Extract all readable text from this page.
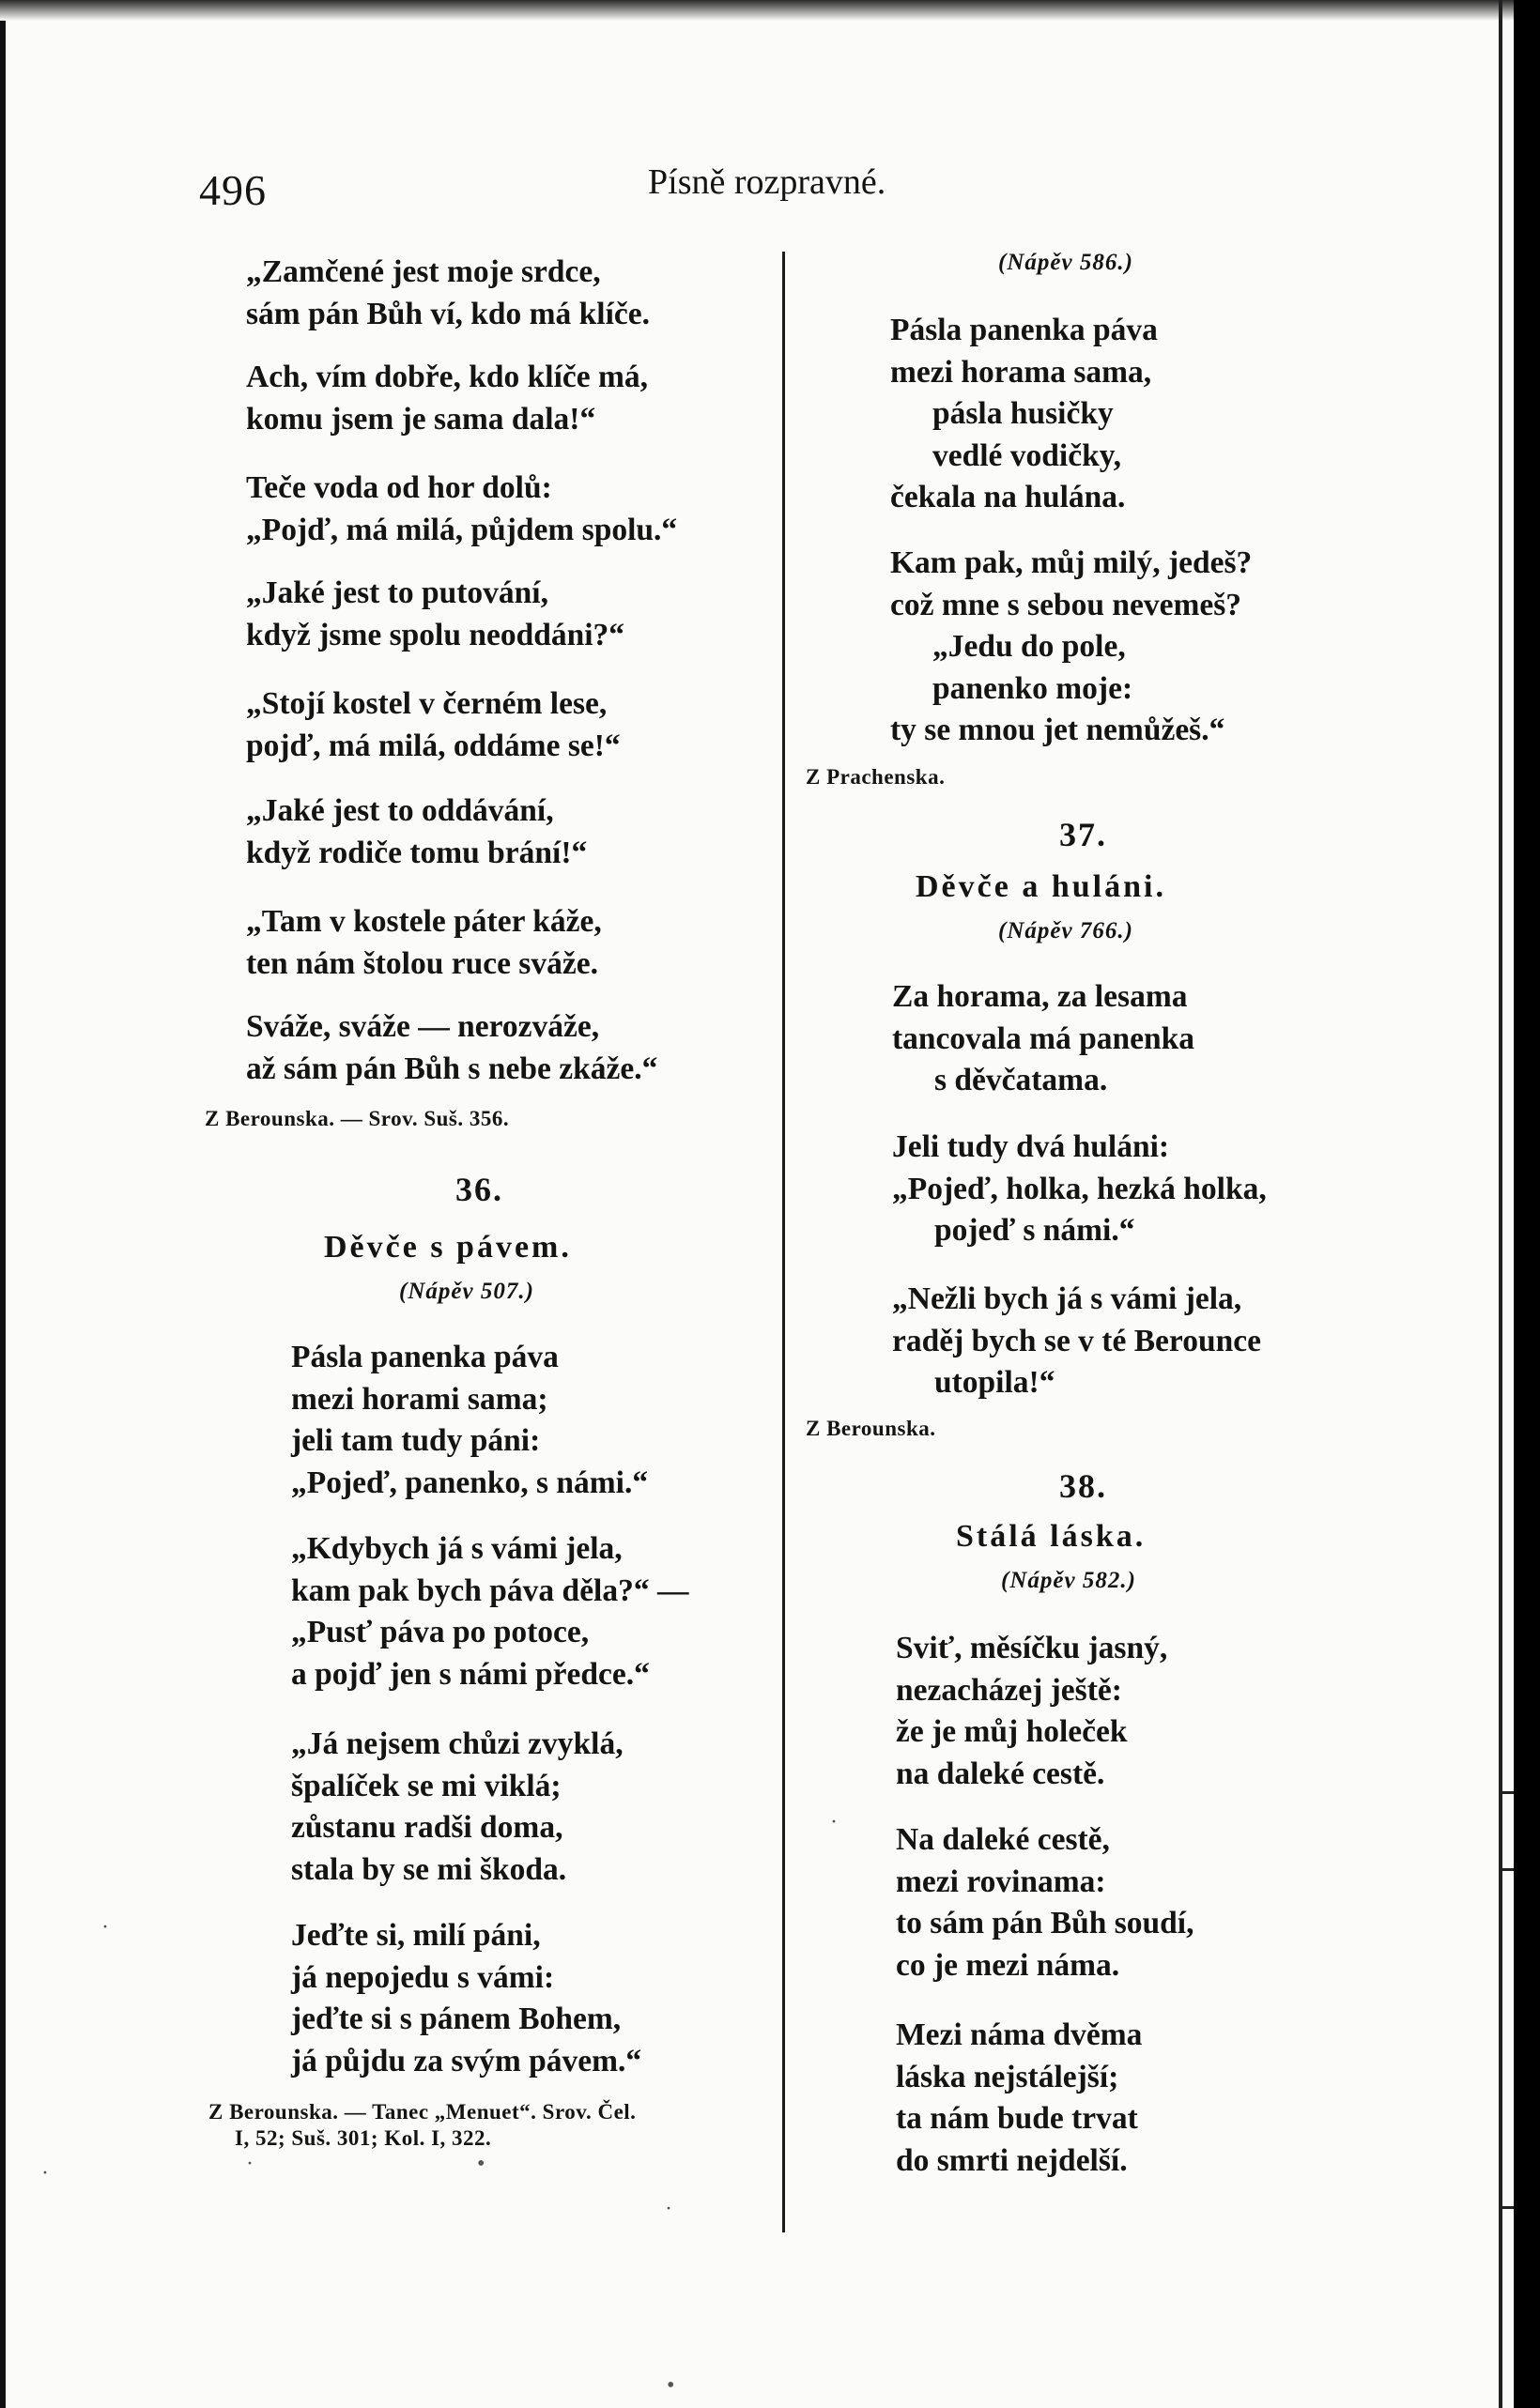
496	Písně rozpravné.
„Zamčené jest moje srdce,
sám pán Bůh ví, kdo má klíče.
Ach, vím dobře, kdo klíče má,
komu jsem je sama dala!“
Teče voda od hor dolů:
„Pojď, má milá, půjdem spolu.“
„Jaké jest to putování,
když jsme spolu neoddáni?“
„Stojí kostel v černém lese,
pojď, má milá, oddáme se!“
„Jaké jest to oddávání,
když rodiče tomu brání!“
„Tam v kostele páter káže,
ten nám štolou ruce sváže.
Sváže, sváže — nerozváže,
až sám pán Bůh s nebe zkáže.“
Z Berounska. — Srov. Suš. 356.
36.
Děvče s pávem.
(Nápěv 507.)
Pásla panenka páva
mezi horami sama;
jeli tam tudy páni:
„Pojeď, panenko, s námi.“
„Kdybych já s vámi jela,
kam pak bych páva děla?“ —
„Pusť páva po potoce,
a pojď jen s námi předce.“
„Já nejsem chůzi zvyklá,
špalíček se mi viklá;
zůstanu radši doma,
stala by se mi škoda.
Jeďte si, milí páni,
já nepojedu s vámi:
jeďte si s pánem Bohem,
já půjdu za svým pávem.“
Z Berounska. — Tanec „Menuet“. Srov. Čel.
I, 52; Suš. 301; Kol. I, 322.
·	•
(Nápěv 586.)
Pásla panenka páva
mezi horama sama,
pásla husičky
vedlé vodičky,
čekala na hulána.
Kam pak, můj milý, jedeš?
což mne s sebou nevemeš?
„Jedu do pole,
panenko moje:
ty se mnou jet nemůžeš.“
Z Prachenska.
37.
Děvče a huláni.
(Nápěv 766.)
Za horama, za lesama
tancovala má panenka
s děvčatama.
Jeli tudy dvá huláni:
„Pojeď, holka, hezká holka,
pojeď s námi.“
„Nežli bych já s vámi jela,
raděj bych se v té Berounce
utopila!“
Z Berounska.
38.
Stálá láska.
(Nápěv 582.)
Sviť, měsíčku jasný,
nezacházej ještě:
že je můj holeček
na daleké cestě.
Na daleké cestě,
mezi rovinama:
to sám pán Bůh soudí,
co je mezi náma.
Mezi náma dvěma
láska nejstálejší;
ta nám bude trvat
do smrti nejdelší.
·
•
·
·
·
